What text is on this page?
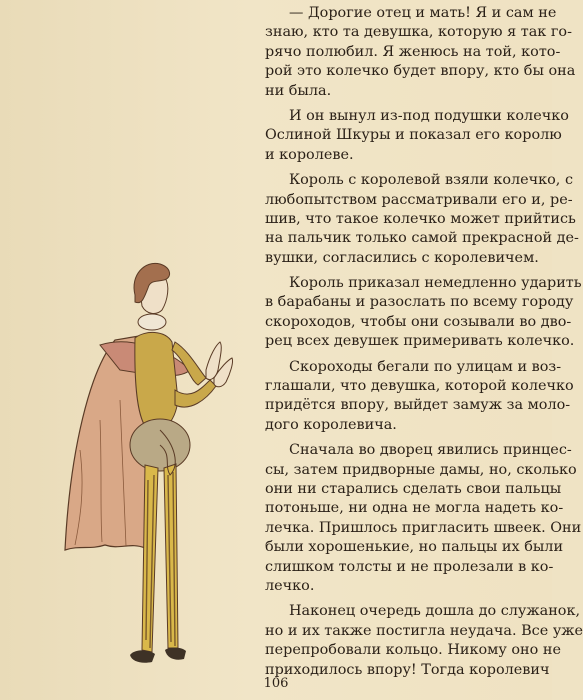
— Дорогие отец и мать! Я и сам не
знаю, кто та девушка, которую я так го-
рячо полюбил. Я женюсь на той, кото-
рой это колечко будет впору, кто бы она
ни была.
И он вынул из-под подушки колечко
Ослиной Шкуры и показал его королю
и королеве.
Король с королевой взяли колечко, с
любопытством рассматривали его и, ре-
шив, что такое колечко может прийтись
на пальчик только самой прекрасной де-
вушки, согласились с королевичем.
Король приказал немедленно ударить
в барабаны и разослать по всему городу
скороходов, чтобы они созывали во дво-
рец всех девушек примеривать колечко.
Скороходы бегали по улицам и воз-
глашали, что девушка, которой колечко
придётся впору, выйдет замуж за моло-
дого королевича.
Сначала во дворец явились принцес-
сы, затем придворные дамы, но, сколько
они ни старались сделать свои пальцы
потоньше, ни одна не могла надеть ко-
лечка. Пришлось пригласить швеек. Они
были хорошенькие, но пальцы их были
слишком толсты и не пролезали в ко-
лечко.
Наконец очередь дошла до служанок,
но и их также постигла неудача. Все уже
перепробовали кольцо. Никому оно не
приходилось впору! Тогда королевич
106
